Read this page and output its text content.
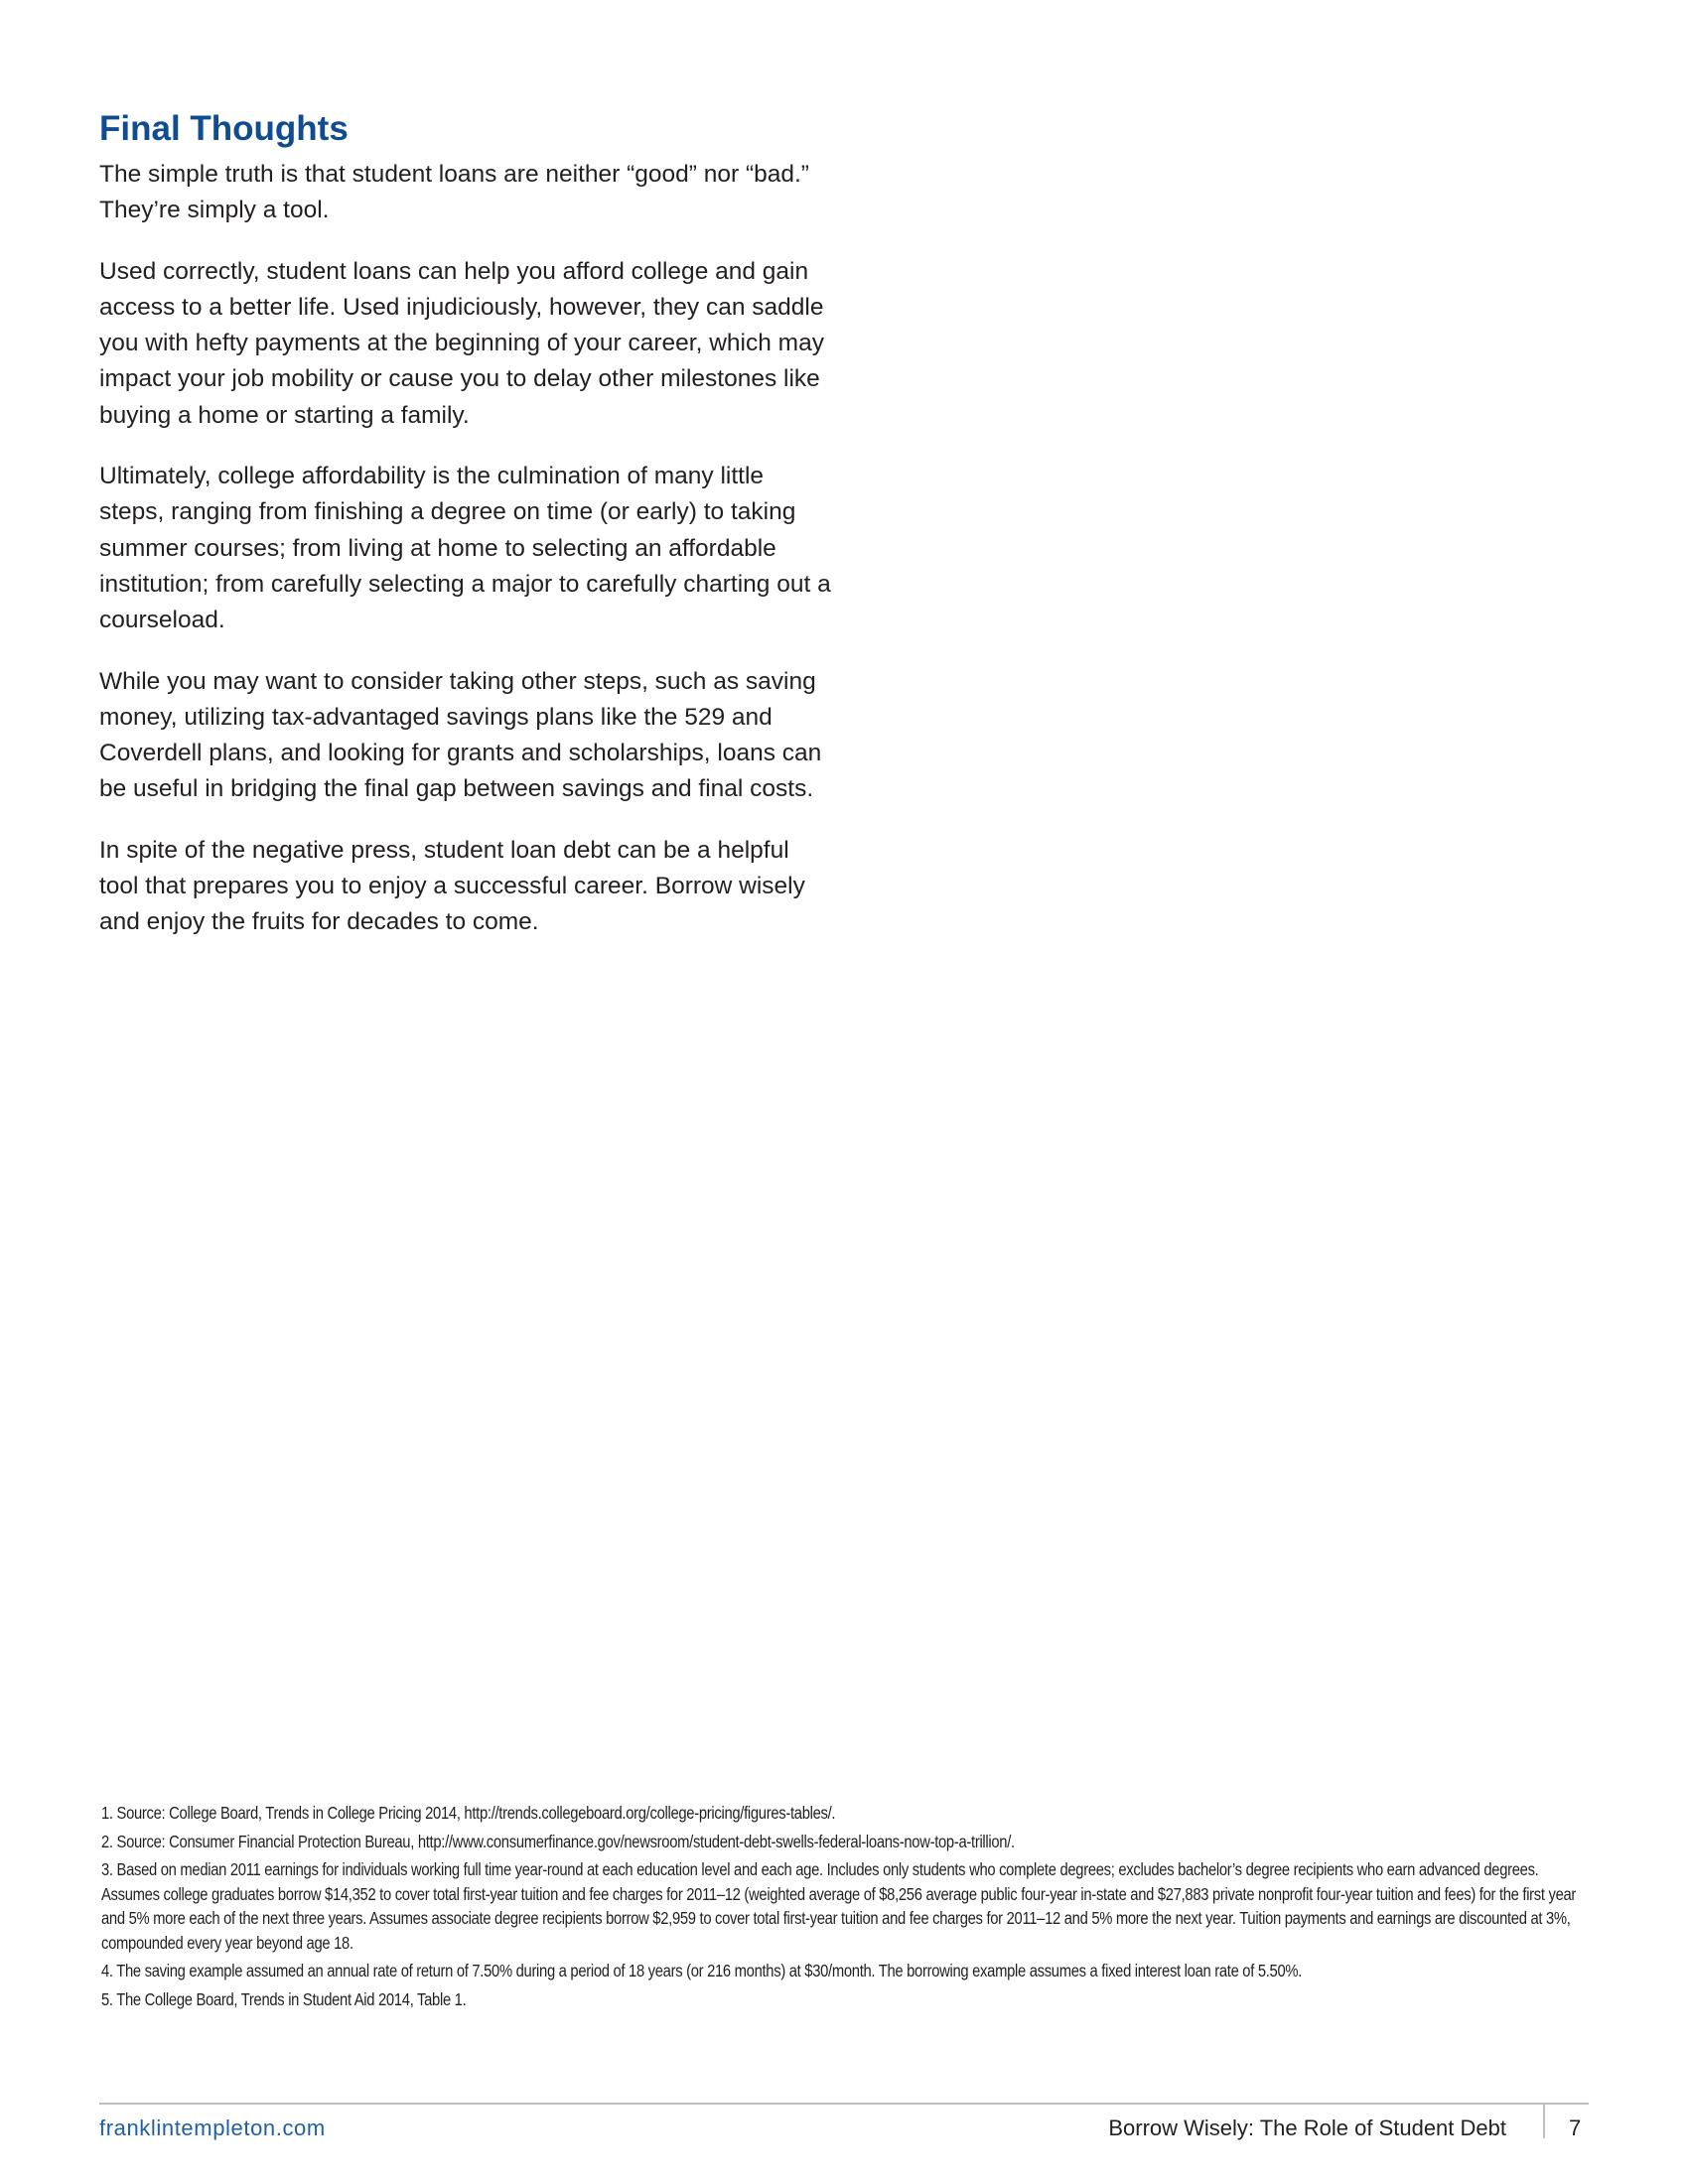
Final Thoughts

The simple truth is that student loans are neither “good” nor “bad.” They’re simply a tool.

Used correctly, student loans can help you afford college and gain access to a better life. Used injudiciously, however, they can saddle you with hefty payments at the beginning of your career, which may impact your job mobility or cause you to delay other milestones like buying a home or starting a family.

Ultimately, college affordability is the culmination of many little steps, ranging from finishing a degree on time (or early) to taking summer courses; from living at home to selecting an affordable institution; from carefully selecting a major to carefully charting out a courseload.

While you may want to consider taking other steps, such as saving money, utilizing tax-advantaged savings plans like the 529 and Coverdell plans, and looking for grants and scholarships, loans can be useful in bridging the final gap between savings and final costs.

In spite of the negative press, student loan debt can be a helpful tool that prepares you to enjoy a successful career. Borrow wisely and enjoy the fruits for decades to come.

1. Source: College Board, Trends in College Pricing 2014, http://trends.collegeboard.org/college-pricing/figures-tables/.

2. Source: Consumer Financial Protection Bureau, http://www.consumerfinance.gov/newsroom/student-debt-swells-federal-loans-now-top-a-trillion/.

3. Based on median 2011 earnings for individuals working full time year-round at each education level and each age. Includes only students who complete degrees; excludes bachelor’s degree recipients who earn advanced degrees. Assumes college graduates borrow $14,352 to cover total first-year tuition and fee charges for 2011–12 (weighted average of $8,256 average public four-year in-state and $27,883 private nonprofit four-year tuition and fees) for the first year and 5% more each of the next three years. Assumes associate degree recipients borrow $2,959 to cover total first-year tuition and fee charges for 2011–12 and 5% more the next year. Tuition payments and earnings are discounted at 3%, compounded every year beyond age 18.

4. The saving example assumed an annual rate of return of 7.50% during a period of 18 years (or 216 months) at $30/month. The borrowing example assumes a fixed interest loan rate of 5.50%.

5. The College Board, Trends in Student Aid 2014, Table 1.

franklintempleton.com	Borrow Wisely: The Role of Student Debt	7
